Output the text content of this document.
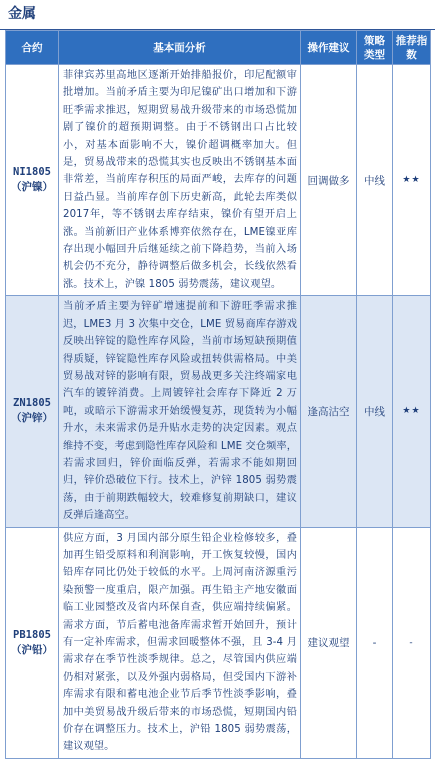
金属
合约	基本面分析	操作建议	策略类型	推荐指数

NI1805
（沪镍）	菲律宾苏里高地区逐渐开始排船报价，印尼配额审批增加。当前矛盾主要为印尼镍矿出口增加和下游旺季需求推迟，短期贸易战升级带来的市场恐慌加剧了镍价的超预期调整。由于不锈钢出口占比较小，对基本面影响不大，镍价超调概率加大。但是，贸易战带来的恐慌其实也反映出不锈钢基本面非常差，当前库存积压的局面严峻，去库存的问题日益凸显。当前库存创下历史新高，此轮去库类似2017年，等不锈钢去库存结束，镍价有望开启上涨。当前新旧产业体系博弈依然存在，LME镍亚库存出现小幅回升后继延续之前下降趋势，当前入场机会仍不充分，静待调整后做多机会，长线依然看涨。技术上，沪镍 1805 弱势震荡，建议观望。	回调做多	中线	★★

ZN1805
（沪锌）	当前矛盾主要为锌矿增速提前和下游旺季需求推迟，LME3 月 3 次集中交仓，LME 贸易商库存游戏反映出锌锭的隐性库存风险，当前市场短缺预期值得质疑，锌锭隐性库存风险或扭转供需格局。中美贸易战对锌的影响有限，贸易战更多关注终端家电汽车的镀锌消费。上周镀锌社会库存下降近 2 万吨，或暗示下游需求开始缓慢复苏，现货转为小幅升水，未来需求仍是升贴水走势的决定因素。观点维持不变，考虑到隐性库存风险和 LME 交仓频率，若需求回归，锌价面临反弹，若需求不能如期回归，锌价恐破位下行。技术上，沪锌 1805 弱势震荡，由于前期跌幅较大，较难修复前期缺口，建议反弹后逢高空。	逢高沽空	中线	★★

PB1805
（沪铅）	供应方面，3 月国内部分原生铅企业检修较多，叠加再生铅受原料和利润影响，开工恢复较慢，国内铅库存同比仍处于较低的水平。上周河南济源重污染预警一度重启，限产加强。再生铅主产地安徽面临工业园整改及省内环保自查，供应端持续偏紧。需求方面，节后蓄电池备库需求暂开始回升，预计有一定补库需求，但需求回暖整体不强，且 3-4 月需求存在季节性淡季规律。总之，尽管国内供应端仍相对紧张，以及外强内弱格局，但受国内下游补库需求有限和蓄电池企业节后季节性淡季影响，叠加中美贸易战升级后带来的市场恐慌，短期国内铅价存在调整压力。技术上，沪铅 1805 弱势震荡，建议观望。	建议观望	-	-
